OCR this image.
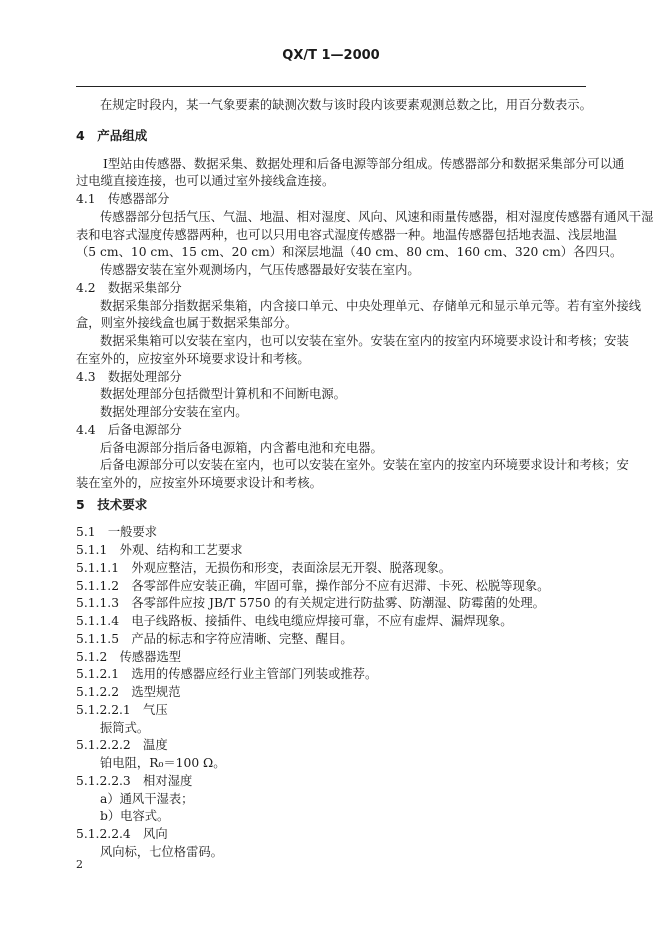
QX/T 1—2000
在规定时段内，某一气象要素的缺测次数与该时段内该要素观测总数之比，用百分数表示。
4　产品组成
Ⅰ型站由传感器、数据采集、数据处理和后备电源等部分组成。传感器部分和数据采集部分可以通
过电缆直接连接，也可以通过室外接线盒连接。
4.1　传感器部分
传感器部分包括气压、气温、地温、相对湿度、风向、风速和雨量传感器，相对湿度传感器有通风干湿
表和电容式湿度传感器两种，也可以只用电容式湿度传感器一种。地温传感器包括地表温、浅层地温
（5 cm、10 cm、15 cm、20 cm）和深层地温（40 cm、80 cm、160 cm、320 cm）各四只。
传感器安装在室外观测场内，气压传感器最好安装在室内。
4.2　数据采集部分
数据采集部分指数据采集箱，内含接口单元、中央处理单元、存储单元和显示单元等。若有室外接线
盒，则室外接线盒也属于数据采集部分。
数据采集箱可以安装在室内，也可以安装在室外。安装在室内的按室内环境要求设计和考核；安装
在室外的，应按室外环境要求设计和考核。
4.3　数据处理部分
数据处理部分包括微型计算机和不间断电源。
数据处理部分安装在室内。
4.4　后备电源部分
后备电源部分指后备电源箱，内含蓄电池和充电器。
后备电源部分可以安装在室内，也可以安装在室外。安装在室内的按室内环境要求设计和考核；安
装在室外的，应按室外环境要求设计和考核。
5　技术要求
5.1　一般要求
5.1.1　外观、结构和工艺要求
5.1.1.1　外观应整洁，无损伤和形变，表面涂层无开裂、脱落现象。
5.1.1.2　各零部件应安装正确，牢固可靠，操作部分不应有迟滞、卡死、松脱等现象。
5.1.1.3　各零部件应按 JB/T 5750 的有关规定进行防盐雾、防潮湿、防霉菌的处理。
5.1.1.4　电子线路板、接插件、电线电缆应焊接可靠，不应有虚焊、漏焊现象。
5.1.1.5　产品的标志和字符应清晰、完整、醒目。
5.1.2　传感器选型
5.1.2.1　选用的传感器应经行业主管部门列装或推荐。
5.1.2.2　选型规范
5.1.2.2.1　气压
振筒式。
5.1.2.2.2　温度
铂电阻，R₀＝100 Ω。
5.1.2.2.3　相对湿度
a）通风干湿表；
b）电容式。
5.1.2.2.4　风向
风向标，七位格雷码。
2
